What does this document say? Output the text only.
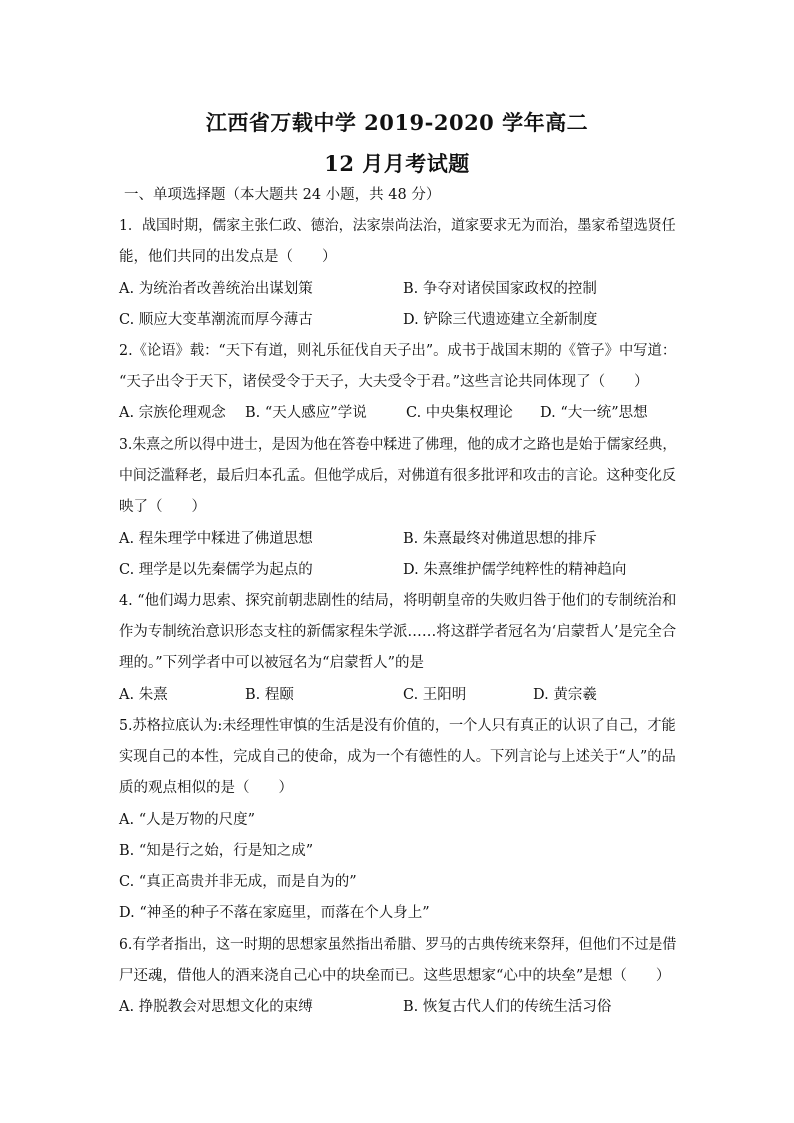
江西省万载中学 2019-2020 学年高二
12 月月考试题
一、单项选择题（本大题共 24 小题，共 48 分）
1．战国时期，儒家主张仁政、德治，法家崇尚法治，道家要求无为而治，墨家希望选贤任
能，他们共同的出发点是（　　）
A. 为统治者改善统治出谋划策	B. 争夺对诸侯国家政权的控制
C. 顺应大变革潮流而厚今薄古	D. 铲除三代遗迹建立全新制度
2.《论语》载：“天下有道，则礼乐征伐自天子出”。成书于战国末期的《管子》中写道：
“天子出令于天下，诸侯受令于天子，大夫受令于君。”这些言论共同体现了（　　）
A. 宗族伦理观念 B. “天人感应”学说	C. 中央集权理论 D. “大一统”思想
3.朱熹之所以得中进士，是因为他在答卷中糅进了佛理，他的成才之路也是始于儒家经典，
中间泛滥释老，最后归本孔孟。但他学成后，对佛道有很多批评和攻击的言论。这种变化反
映了（　　）
A. 程朱理学中糅进了佛道思想	B. 朱熹最终对佛道思想的排斥
C. 理学是以先秦儒学为起点的	D. 朱熹维护儒学纯粹性的精神趋向
4. “他们竭力思索、探究前朝悲剧性的结局，将明朝皇帝的失败归咎于他们的专制统治和
作为专制统治意识形态支柱的新儒家程朱学派……将这群学者冠名为‘启蒙哲人’是完全合
理的。”下列学者中可以被冠名为“启蒙哲人”的是
A. 朱熹	B. 程颐	C. 王阳明	D. 黄宗羲
5.苏格拉底认为:未经理性审慎的生活是没有价值的，一个人只有真正的认识了自己，才能
实现自己的本性，完成自己的使命，成为一个有德性的人。下列言论与上述关于“人”的品
质的观点相似的是（　　）
A. “人是万物的尺度”
B. “知是行之始，行是知之成”
C. “真正高贵并非无成，而是自为的”
D. “神圣的种子不落在家庭里，而落在个人身上”
6.有学者指出，这一时期的思想家虽然指出希腊、罗马的古典传统来祭拜，但他们不过是借
尸还魂，借他人的酒来浇自己心中的块垒而已。这些思想家“心中的块垒”是想（　　）
A. 挣脱教会对思想文化的束缚	B. 恢复古代人们的传统生活习俗
